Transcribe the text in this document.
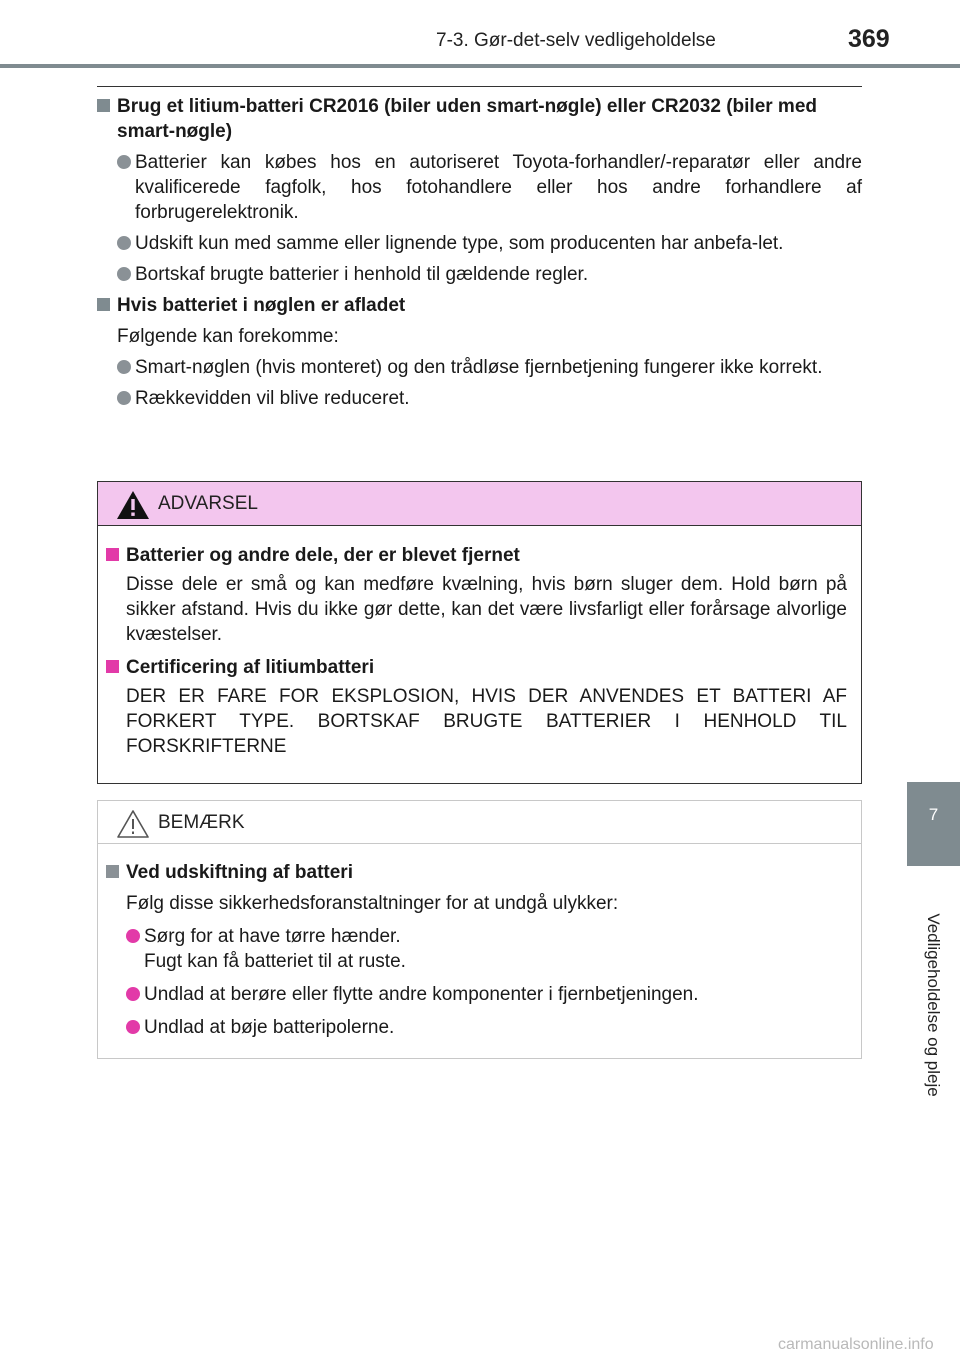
7-3. Gør-det-selv vedligeholdelse	369
7
Vedligeholdelse og pleje
Brug et litium-batteri CR2016 (biler uden smart-nøgle) eller CR2032 (biler med smart-nøgle)
Batterier kan købes hos en autoriseret Toyota-forhandler/-reparatør eller andre kvalificerede fagfolk, hos fotohandlere eller hos andre forhandlere af forbrugerelektronik.
Udskift kun med samme eller lignende type, som producenten har anbefa-let.
Bortskaf brugte batterier i henhold til gældende regler.
Hvis batteriet i nøglen er afladet
Følgende kan forekomme:
Smart-nøglen (hvis monteret) og den trådløse fjernbetjening fungerer ikke korrekt.
Rækkevidden vil blive reduceret.
ADVARSEL
Batterier og andre dele, der er blevet fjernet
Disse dele er små og kan medføre kvælning, hvis børn sluger dem. Hold børn på sikker afstand. Hvis du ikke gør dette, kan det være livsfarligt eller forårsage alvorlige kvæstelser.
Certificering af litiumbatteri
DER ER FARE FOR EKSPLOSION, HVIS DER ANVENDES ET BATTERI AF FORKERT TYPE. BORTSKAF BRUGTE BATTERIER I HENHOLD TIL FORSKRIFTERNE
BEMÆRK
Ved udskiftning af batteri
Følg disse sikkerhedsforanstaltninger for at undgå ulykker:
Sørg for at have tørre hænder.
Fugt kan få batteriet til at ruste.
Undlad at berøre eller flytte andre komponenter i fjernbetjeningen.
Undlad at bøje batteripolerne.
carmanualsonline.info
